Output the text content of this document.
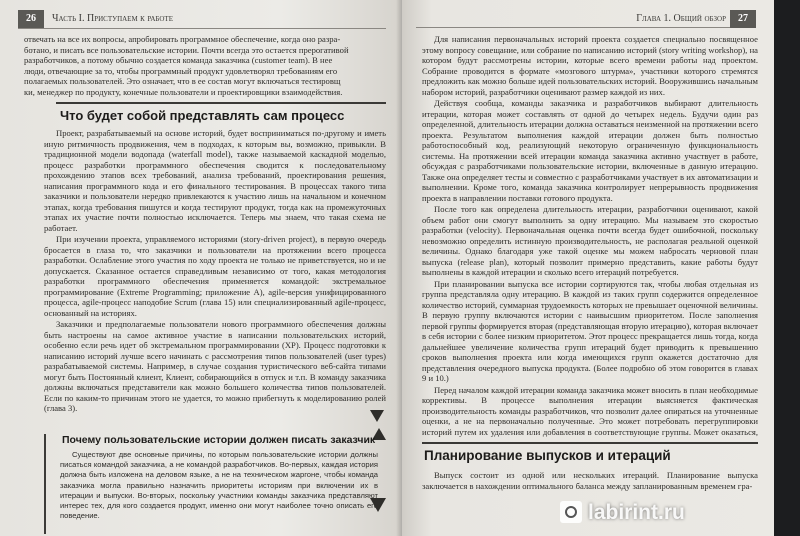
26	Часть I. Приступаем к работе
отвечать на все их вопросы, апробировать программное обеспечение, когда оно разра-
ботано, и писать все пользовательские истории. Почти всегда это остается прерогативой
разработчиков, а потому обычно создается команда заказчика (customer team). В нее
люди, отвечающие за то, чтобы программный продукт удовлетворял требованиям его
полагаемых пользователей. Это означает, что в ее состав могут включаться тестировщ
ки, менеджер по продукту, конечные пользователи и проектировщики взаимодействия.
Что будет собой представлять сам процесс

Проект, разрабатываемый на основе историй, будет восприниматься по-другому и иметь иную ритмичность продвижения, чем в подходах, к которым вы, возможно, привыкли. В традиционной модели водопада (waterfall model), также называемой каскадной моделью, процесс разработки программного обеспечения сводится к последовательному прохождению этапов всех требований, анализа требований, проектирования решения, написания программного кода и его финального тестирования. В процессах такого типа заказчики и пользователи нередко привлекаются к участию лишь на начальном и конечном этапах, когда требования пишутся и когда тестируют продукт, тогда как на промежуточных этапах их участие почти полностью исключается. Теперь мы знаем, что такая схема не работает.

При изучении проекта, управляемого историями (story-driven project), в первую очередь бросается в глаза то, что заказчики и пользователи на протяжении всего процесса разработки. Ослабление этого участия по ходу проекта не только не приветствуется, но и не допускается. Сказанное остается справедливым независимо от того, какая методология разработки программного обеспечения применяется командой: экстремальное программирование (Extreme Programming; приложение A), agile-версия унифицированного процесса, agile-процесс наподобие Scrum (глава 15) или специализированный agile-процесс, основанный на историях.

Заказчики и предполагаемые пользователи нового программного обеспечения должны быть настроены на самое активное участие в написании пользовательских историй, особенно если речь идет об экстремальном программировании (XP). Процесс подготовки к написанию историй лучше всего начинать с рассмотрения типов пользователей (user types) разрабатываемой системы. Например, в случае создания туристического веб-сайта типами могут быть Постоянный клиент, Клиент, собирающийся в отпуск и т.п. В команду заказчика должны включаться представители как можно большего количества типов пользователей. Если по каким-то причинам этого не удается, то можно прибегнуть к моделированию ролей (глава 3).

Почему пользовательские истории должен писать заказчик

Существуют две основные причины, по которым пользовательские истории должны писаться командой заказчика, а не командой разработчиков. Во-первых, каждая история должна быть изложена на деловом языке, а не на техническом жаргоне, чтобы команда заказчика могла правильно назначить приоритеты историям при включении их в итерации и выпуски. Во-вторых, поскольку участники команды заказчика представляют интерес тех, для кого создается продукт, именно они могут наиболее точно описать его поведение.

Глава 1. Общий обзор	27

Для написания первоначальных историй проекта создается специально посвященное этому вопросу совещание, или собрание по написанию историй (story writing workshop), на котором будут рассмотрены истории, которые всего времени работы над проектом. Собрание проводится в формате «мозгового штурма», участники которого стремятся предложить как можно больше идей пользовательских историй. Вооружившись начальным набором историй, разработчики оценивают размер каждой из них.

Действуя сообща, команды заказчика и разработчиков выбирают длительность итерации, которая может составлять от одной до четырех недель. Будучи один раз определенной, длительность итерации должна оставаться неизменной на протяжении всего проекта. Результатом выполнения каждой итерации должен быть полностью работоспособный код, реализующий некоторую ограниченную функциональность системы. На протяжении всей итерации команда заказчика активно участвует в работе, обсуждая с разработчиками пользовательские истории, включенные в данную итерацию. Также она определяет тесты и совместно с разработчиками участвует в их автоматизации и выполнении. Кроме того, команда заказчика контролирует непрерывность продвижения проекта в направлении поставки готового продукта.

После того как определена длительность итерации, разработчики оценивают, какой объем работ они смогут выполнить за одну итерацию. Мы называем это скоростью разработки (velocity). Первоначальная оценка почти всегда будет ошибочной, поскольку невозможно определить истинную производительность, не располагая реальной оценкой величины. Однако благодаря уже такой оценке мы можем набросать черновой план выпуска (release plan), который позволит примерно представить, какие работы будут выполнены в каждой итерации и сколько всего итераций потребуется.

При планировании выпуска все истории сортируются так, чтобы любая отдельная из группа представляла одну итерацию. В каждой из таких групп содержится определенное количество историй, суммарная трудоемкость которых не превышает оценочной величины. В первую группу включаются истории с наивысшим приоритетом. После заполнения первой группы формируется вторая (представляющая вторую итерацию), которая включает в себя истории с более низким приоритетом. Этот процесс прекращается лишь тогда, когда дальнейшее увеличение количества групп итераций будет приводить к превышению сроков выполнения проекта или когда имеющихся групп окажется достаточно для представления очередного выпуска продукта. (Более подробно об этом говорится в главах 9 и 10.)

Перед началом каждой итерации команда заказчика может вносить в план необходимые коррективы. В процессе выполнения итерации выясняется фактическая производительность команды разработчиков, что позволит далее опираться на уточненные оценки, а не на первоначально полученные. Это может потребовать перегруппировки историй путем их удаления или добавления в соответствующие группы. Может оказаться,

Планирование выпусков и итераций

Выпуск состоит из одной или нескольких итераций. Планирование выпуска заключается в нахождении оптимального баланса между запланированным временем гра-

labirint.ru
